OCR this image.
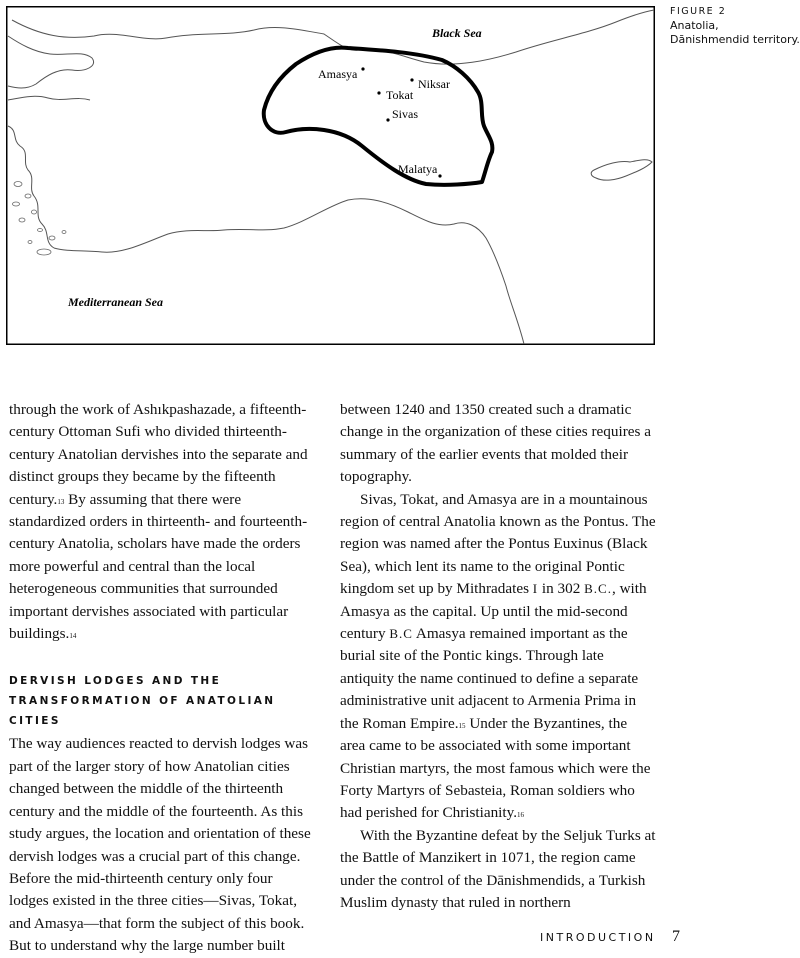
Black Sea
Mediterranean Sea
Amasya
Niksar
Tokat
Sivas
Malatya
FIGURE 2
Anatolia, Dānishmendid territory.

through the work of Ashıkpashazade, a fifteenth-century Ottoman Sufi who divided thirteenth-century Anatolian dervishes into the separate and distinct groups they became by the fifteenth century.$^{13}$ By assuming that there were standardized orders in thirteenth- and fourteenth-century Anatolia, scholars have made the orders more powerful and central than the local heterogeneous communities that surrounded important dervishes associated with particular buildings.$^{14}$

DERVISH LODGES AND THE
TRANSFORMATION OF ANATOLIAN CITIES

The way audiences reacted to dervish lodges was part of the larger story of how Anatolian cities changed between the middle of the thirteenth century and the middle of the fourteenth. As this study argues, the location and orientation of these dervish lodges was a crucial part of this change. Before the mid-thirteenth century only four lodges existed in the three cities—Sivas, Tokat, and Amasya—that form the subject of this book. But to understand why the large number built

between 1240 and 1350 created such a dramatic change in the organization of these cities requires a summary of the earlier events that molded their topography.

Sivas, Tokat, and Amasya are in a mountainous region of central Anatolia known as the Pontus. The region was named after the Pontus Euxinus (Black Sea), which lent its name to the original Pontic kingdom set up by Mithradates I in 302 B.C., with Amasya as the capital. Up until the mid-second century B.C Amasya remained important as the burial site of the Pontic kings. Through late antiquity the name continued to define a separate administrative unit adjacent to Armenia Prima in the Roman Empire.$^{15}$ Under the Byzantines, the area came to be associated with some important Christian martyrs, the most famous which were the Forty Martyrs of Sebasteia, Roman soldiers who had perished for Christianity.$^{16}$

With the Byzantine defeat by the Seljuk Turks at the Battle of Manzikert in 1071, the region came under the control of the Dānishmendids, a Turkish Muslim dynasty that ruled in northern

INTRODUCTION 7
